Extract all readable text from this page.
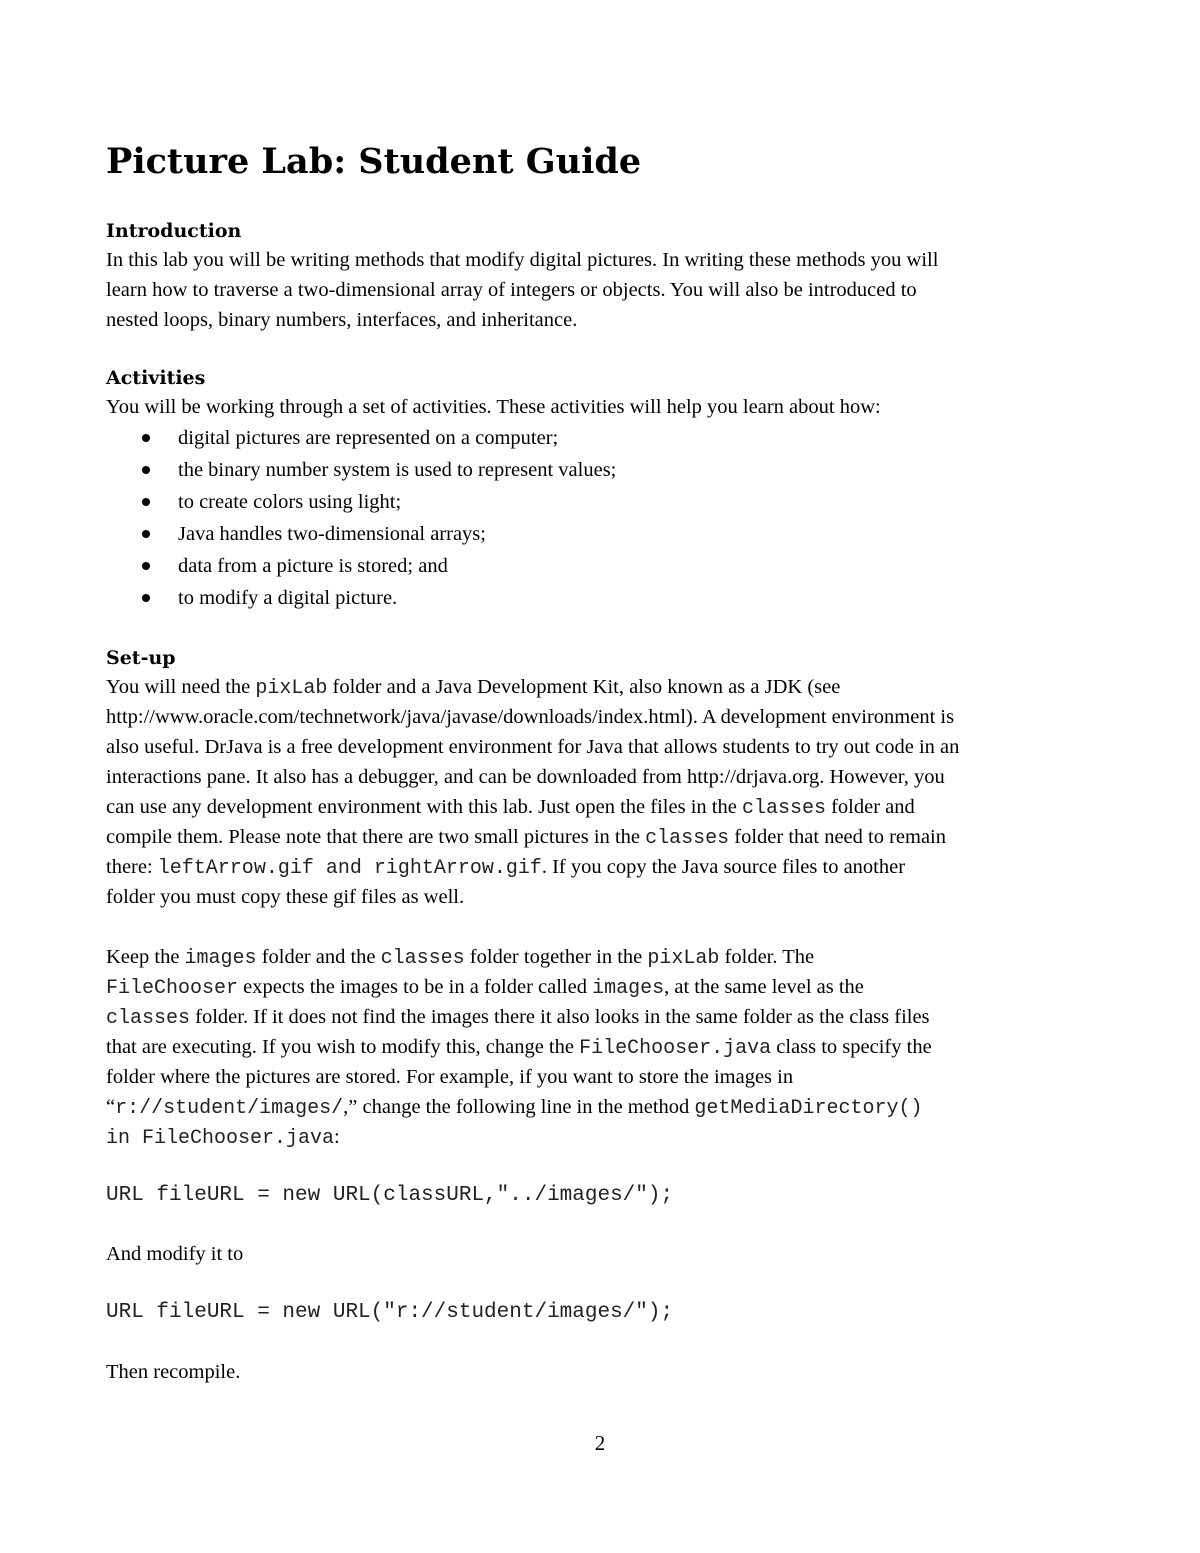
Picture Lab: Student Guide
Introduction
In this lab you will be writing methods that modify digital pictures. In writing these methods you will
learn how to traverse a two-dimensional array of integers or objects. You will also be introduced to
nested loops, binary numbers, interfaces, and inheritance.
Activities
You will be working through a set of activities. These activities will help you learn about how:
digital pictures are represented on a computer;
the binary number system is used to represent values;
to create colors using light;
Java handles two-dimensional arrays;
data from a picture is stored; and
to modify a digital picture.
Set-up
You will need the pixLab folder and a Java Development Kit, also known as a JDK (see
http://www.oracle.com/technetwork/java/javase/downloads/index.html). A development environment is
also useful. DrJava is a free development environment for Java that allows students to try out code in an
interactions pane. It also has a debugger, and can be downloaded from http://drjava.org. However, you
can use any development environment with this lab. Just open the files in the classes folder and
compile them. Please note that there are two small pictures in the classes folder that need to remain
there: leftArrow.gif and rightArrow.gif. If you copy the Java source files to another
folder you must copy these gif files as well.
Keep the images folder and the classes folder together in the pixLab folder. The
FileChooser expects the images to be in a folder called images, at the same level as the
classes folder. If it does not find the images there it also looks in the same folder as the class files
that are executing. If you wish to modify this, change the FileChooser.java class to specify the
folder where the pictures are stored. For example, if you want to store the images in
“r://student/images/,” change the following line in the method getMediaDirectory()
in FileChooser.java:
URL fileURL = new URL(classURL,"../images/");
And modify it to
URL fileURL = new URL("r://student/images/");
Then recompile.
2
